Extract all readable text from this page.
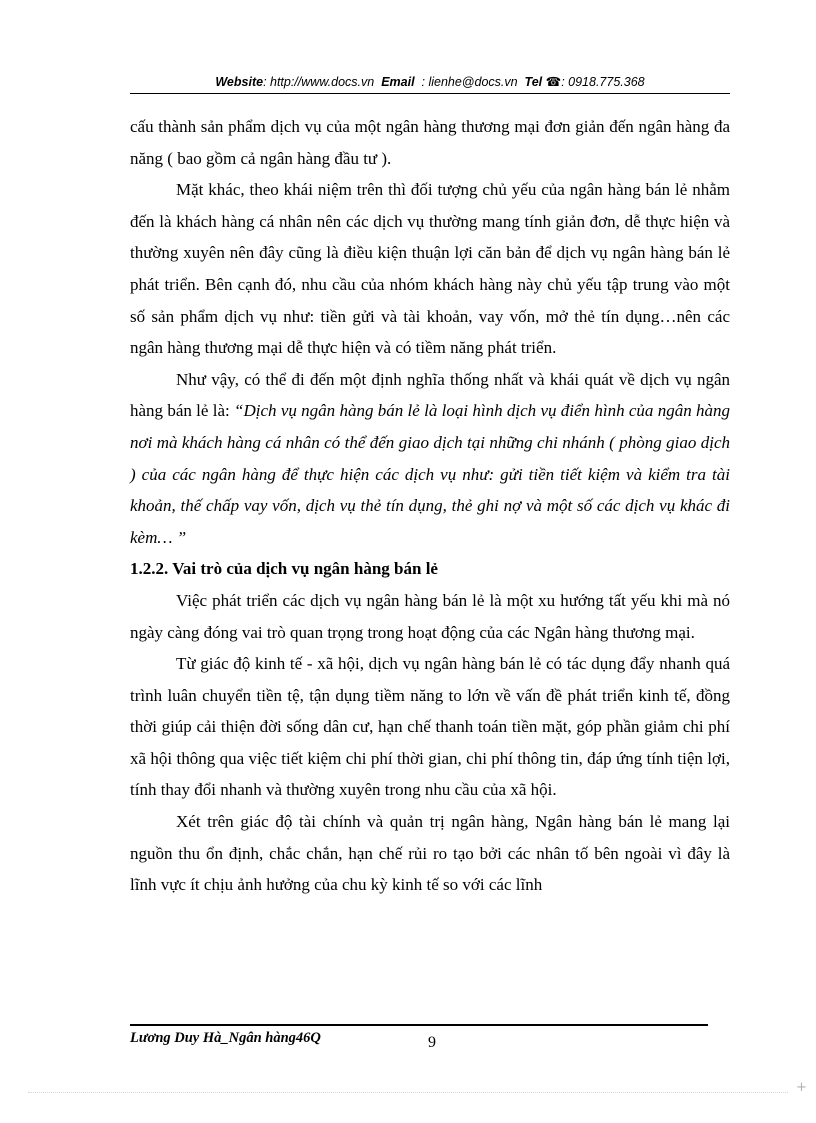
Website: http://www.docs.vn Email : lienhe@docs.vn Tel ☎: 0918.775.368

cấu thành sản phẩm dịch vụ của một ngân hàng thương mại đơn giản đến ngân hàng đa năng ( bao gồm cả ngân hàng đầu tư ).

Mặt khác, theo khái niệm trên thì đối tượng chủ yếu của ngân hàng bán lẻ nhằm đến là khách hàng cá nhân nên các dịch vụ thường mang tính giản đơn, dễ thực hiện và thường xuyên nên đây cũng là điều kiện thuận lợi căn bản để dịch vụ ngân hàng bán lẻ phát triển. Bên cạnh đó, nhu cầu của nhóm khách hàng này chủ yếu tập trung vào một số sản phẩm dịch vụ như: tiền gửi và tài khoản, vay vốn, mở thẻ tín dụng…nên các ngân hàng thương mại dễ thực hiện và có tiềm năng phát triển.

Như vậy, có thể đi đến một định nghĩa thống nhất và khái quát về dịch vụ ngân hàng bán lẻ là: “Dịch vụ ngân hàng bán lẻ là loại hình dịch vụ điển hình của ngân hàng nơi mà khách hàng cá nhân có thể đến giao dịch tại những chi nhánh ( phòng giao dịch ) của các ngân hàng để thực hiện các dịch vụ như: gửi tiền tiết kiệm và kiểm tra tài khoản, thế chấp vay vốn, dịch vụ thẻ tín dụng, thẻ ghi nợ và một số các dịch vụ khác đi kèm… ”

1.2.2. Vai trò của dịch vụ ngân hàng bán lẻ

Việc phát triển các dịch vụ ngân hàng bán lẻ là một xu hướng tất yếu khi mà nó ngày càng đóng vai trò quan trọng trong hoạt động của các Ngân hàng thương mại.

Từ giác độ kinh tế - xã hội, dịch vụ ngân hàng bán lẻ có tác dụng đẩy nhanh quá trình luân chuyển tiền tệ, tận dụng tiềm năng to lớn về vấn đề phát triển kinh tế, đồng thời giúp cải thiện đời sống dân cư, hạn chế thanh toán tiền mặt, góp phần giảm chi phí xã hội thông qua việc tiết kiệm chi phí thời gian, chi phí thông tin, đáp ứng tính tiện lợi, tính thay đổi nhanh và thường xuyên trong nhu cầu của xã hội.

Xét trên giác độ tài chính và quản trị ngân hàng, Ngân hàng bán lẻ mang lại nguồn thu ổn định, chắc chắn, hạn chế rủi ro tạo bởi các nhân tố bên ngoài vì đây là lĩnh vực ít chịu ảnh hưởng của chu kỳ kinh tế so với các lĩnh

Lương Duy Hà_Ngân hàng46Q	9
+
